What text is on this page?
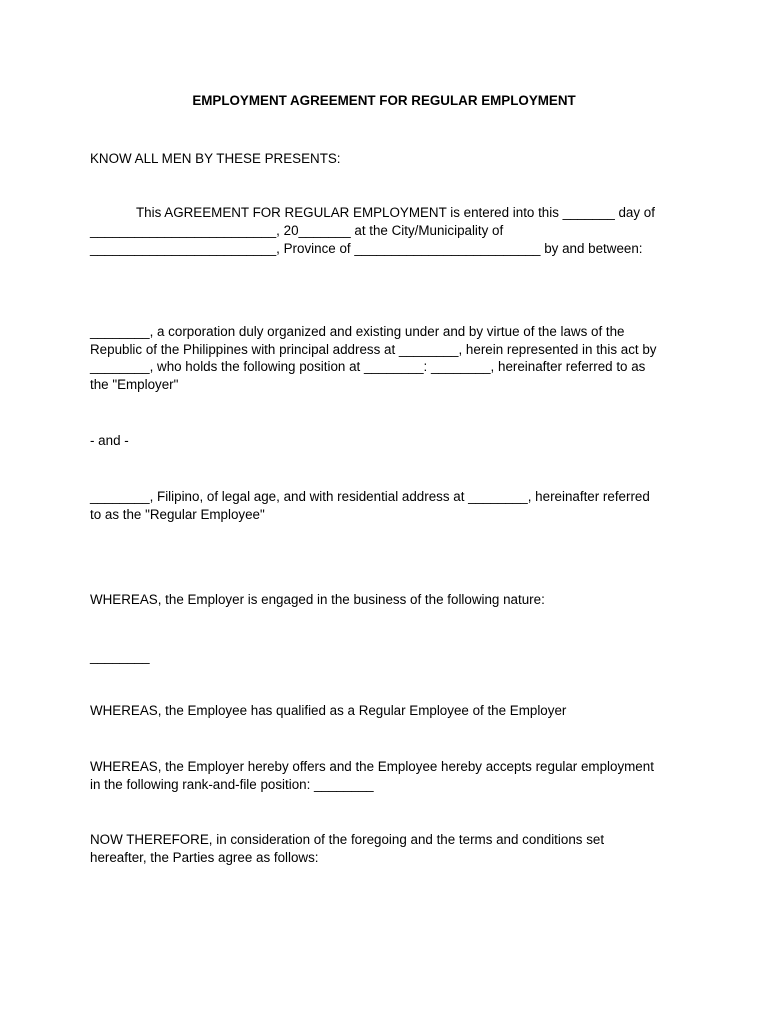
EMPLOYMENT AGREEMENT FOR REGULAR EMPLOYMENT
KNOW ALL MEN BY THESE PRESENTS:
This AGREEMENT FOR REGULAR EMPLOYMENT is entered into this _______ day of
_________________________, 20_______ at the City/Municipality of
_________________________, Province of _________________________ by and between:
________, a corporation duly organized and existing under and by virtue of the laws of the
Republic of the Philippines with principal address at ________, herein represented in this act by
________, who holds the following position at ________: ________, hereinafter referred to as
the "Employer"
- and -
________, Filipino, of legal age, and with residential address at ________, hereinafter referred
to as the "Regular Employee"
WHEREAS, the Employer is engaged in the business of the following nature:
________
WHEREAS, the Employee has qualified as a Regular Employee of the Employer
WHEREAS, the Employer hereby offers and the Employee hereby accepts regular employment
in the following rank-and-file position: ________
NOW THEREFORE, in consideration of the foregoing and the terms and conditions set
hereafter, the Parties agree as follows:
